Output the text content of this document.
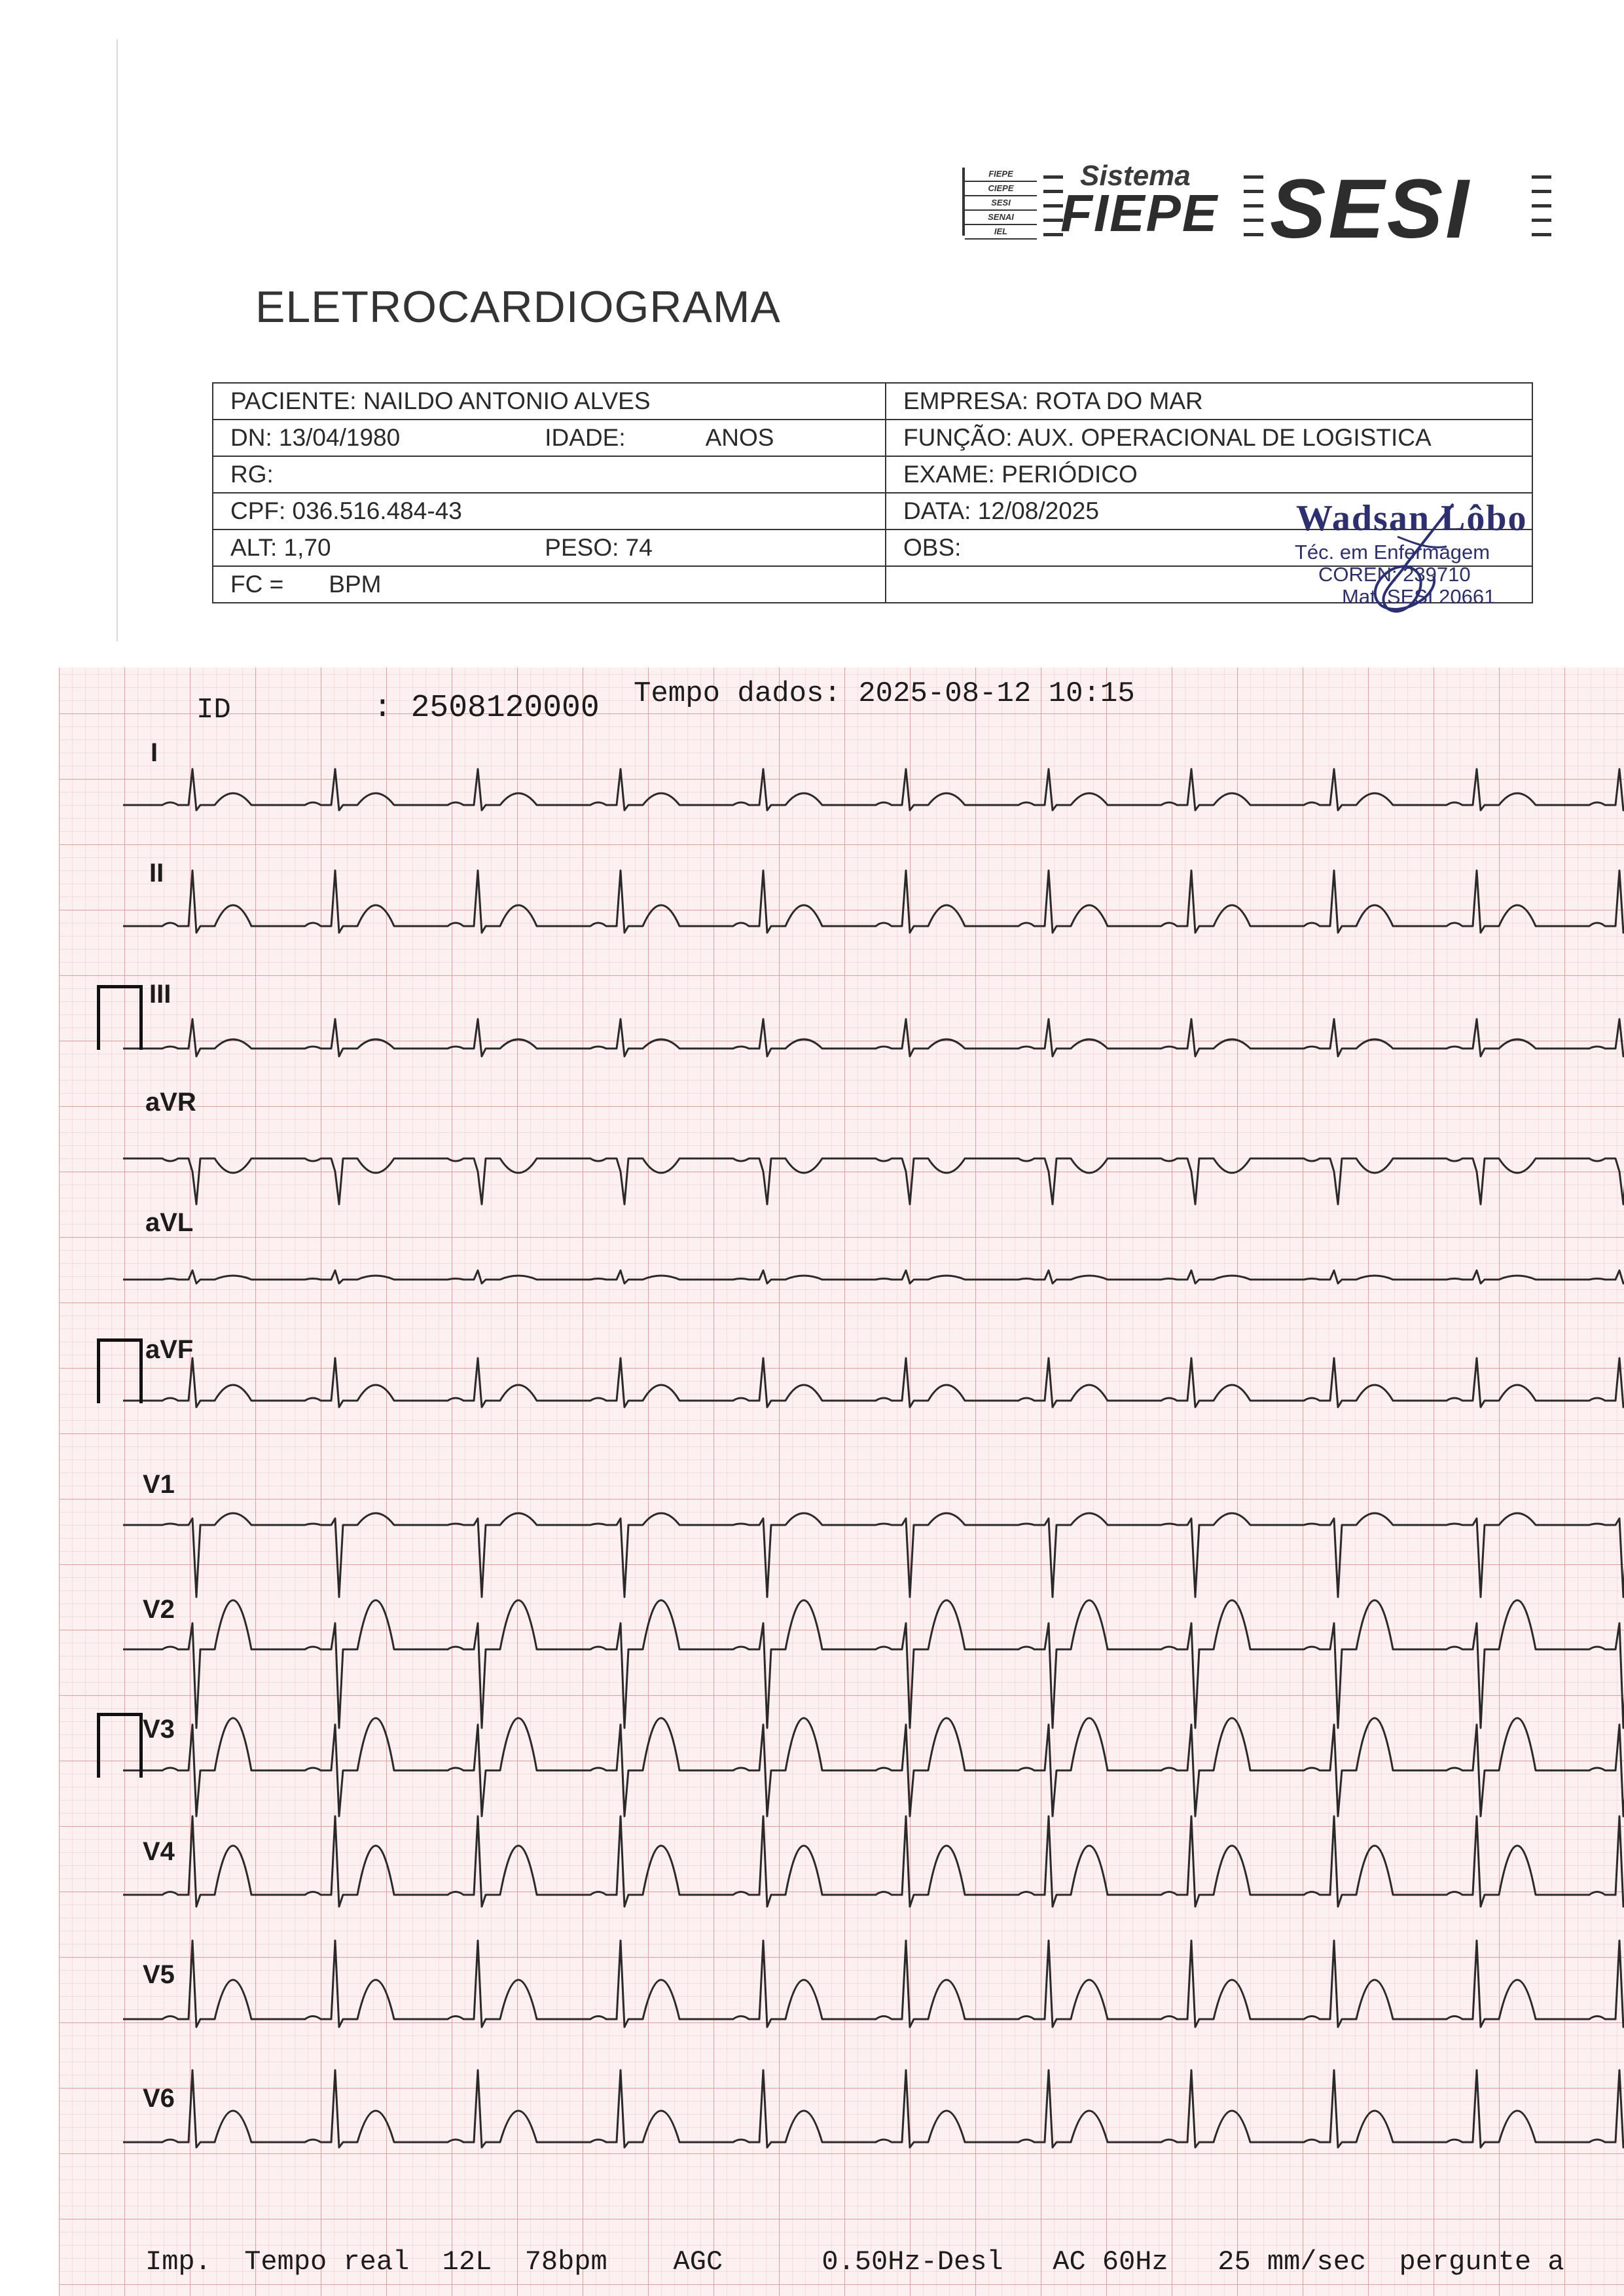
FIEPE
CIEPE
SESI
SENAI
IEL
Sistema
FIEPE SESI
ELETROCARDIOGRAMA
PACIENTE: NAILDO ANTONIO ALVES	EMPRESA: ROTA DO MAR
DN: 13/04/1980 IDADE: ANOS	FUNÇÃO: AUX. OPERACIONAL DE LOGISTICA
RG:	EXAME: PERIÓDICO
CPF: 036.516.484-43	DATA: 12/08/2025
ALT: 1,70 PESO: 74	OBS:
FC = BPM	
Wadsan Lôbo
Téc. em Enfermagem
COREN: 239710
Mat. SESI 20661
ID	: 2508120000 Tempo dados: 2025-08-12 10:15
I
II
III
aVR
aVL
aVF
V1
V2
V3
V4
V5
V6
Imp.  Tempo real  12L  78bpm    AGC	0.50Hz-Desl   AC 60Hz   25 mm/sec  pergunte a
